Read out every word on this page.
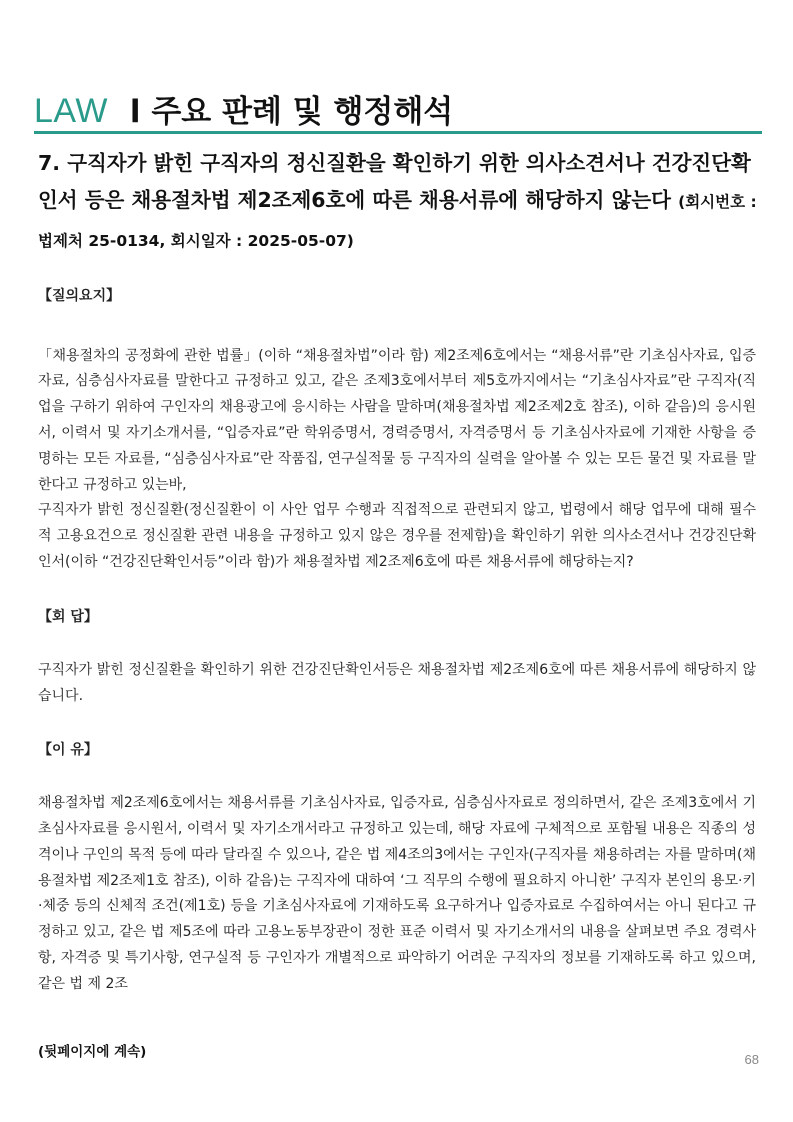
LAW l 주요 판례 및 행정해석
7. 구직자가 밝힌 구직자의 정신질환을 확인하기 위한 의사소견서나 건강진단확인서 등은 채용절차법 제2조제6호에 따른 채용서류에 해당하지 않는다 (회시번호 : 법제처 25-0134, 회시일자 : 2025-05-07)

【질의요지】

「채용절차의 공정화에 관한 법률」(이하 “채용절차법”이라 함) 제2조제6호에서는 “채용서류”란 기초심사자료, 입증자료, 심층심사자료를 말한다고 규정하고 있고, 같은 조제3호에서부터 제5호까지에서는 “기초심사자료”란 구직자(직업을 구하기 위하여 구인자의 채용광고에 응시하는 사람을 말하며(채용절차법 제2조제2호 참조), 이하 같음)의 응시원서, 이력서 및 자기소개서를, “입증자료”란 학위증명서, 경력증명서, 자격증명서 등 기초심사자료에 기재한 사항을 증명하는 모든 자료를, “심층심사자료”란 작품집, 연구실적물 등 구직자의 실력을 알아볼 수 있는 모든 물건 및 자료를 말한다고 규정하고 있는바,

구직자가 밝힌 정신질환(정신질환이 이 사안 업무 수행과 직접적으로 관련되지 않고, 법령에서 해당 업무에 대해 필수적 고용요건으로 정신질환 관련 내용을 규정하고 있지 않은 경우를 전제함)을 확인하기 위한 의사소견서나 건강진단확인서(이하 “건강진단확인서등”이라 함)가 채용절차법 제2조제6호에 따른 채용서류에 해당하는지?

【회 답】

구직자가 밝힌 정신질환을 확인하기 위한 건강진단확인서등은 채용절차법 제2조제6호에 따른 채용서류에 해당하지 않습니다.

【이 유】

채용절차법 제2조제6호에서는 채용서류를 기초심사자료, 입증자료, 심층심사자료로 정의하면서, 같은 조제3호에서 기초심사자료를 응시원서, 이력서 및 자기소개서라고 규정하고 있는데, 해당 자료에 구체적으로 포함될 내용은 직종의 성격이나 구인의 목적 등에 따라 달라질 수 있으나, 같은 법 제4조의3에서는 구인자(구직자를 채용하려는 자를 말하며(채용절차법 제2조제1호 참조), 이하 같음)는 구직자에 대하여 ‘그 직무의 수행에 필요하지 아니한’ 구직자 본인의 용모·키·체중 등의 신체적 조건(제1호) 등을 기초심사자료에 기재하도록 요구하거나 입증자료로 수집하여서는 아니 된다고 규정하고 있고, 같은 법 제5조에 따라 고용노동부장관이 정한 표준 이력서 및 자기소개서의 내용을 살펴보면 주요 경력사항, 자격증 및 특기사항, 연구실적 등 구인자가 개별적으로 파악하기 어려운 구직자의 정보를 기재하도록 하고 있으며, 같은 법 제 2조

(뒷페이지에 계속)	68
